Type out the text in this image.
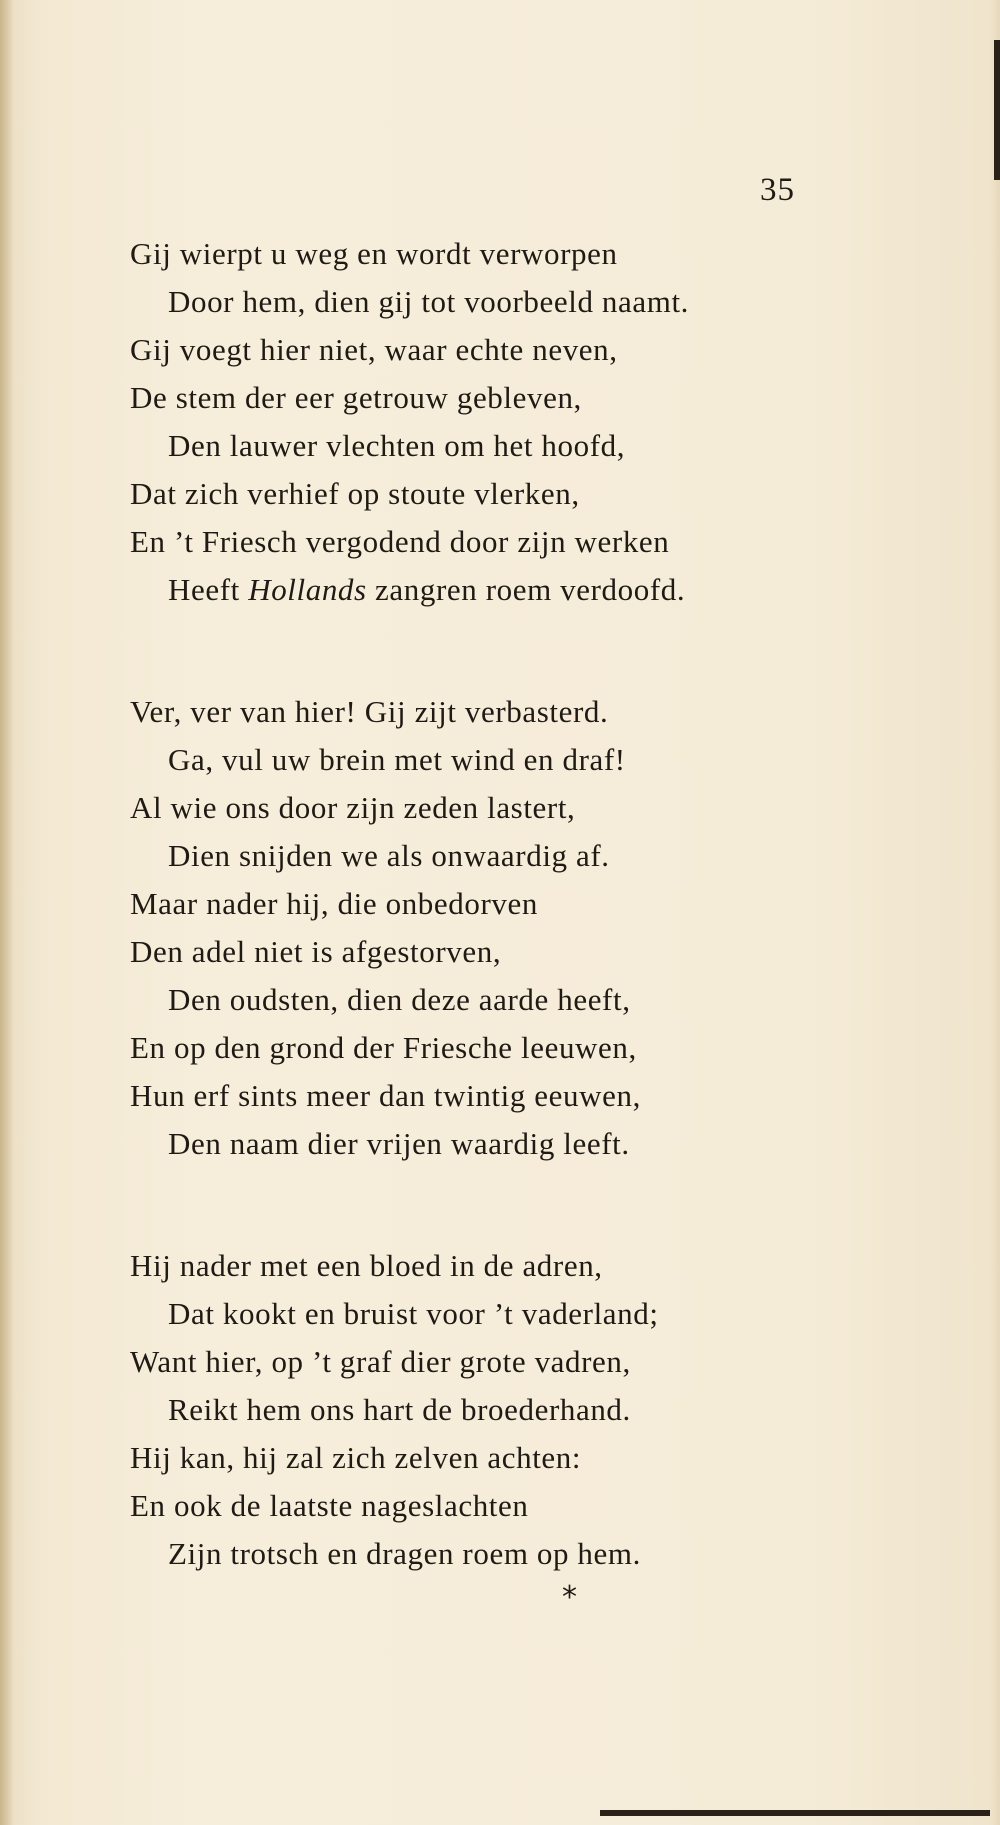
35
Gij wierpt u weg en wordt verworpen
Door hem, dien gij tot voorbeeld naamt.
Gij voegt hier niet, waar echte neven,
De stem der eer getrouw gebleven,
Den lauwer vlechten om het hoofd,
Dat zich verhief op stoute vlerken,
En ’t Friesch vergodend door zijn werken
Heeft Hollands zangren roem verdoofd.
Ver, ver van hier! Gij zijt verbasterd.
Ga, vul uw brein met wind en draf!
Al wie ons door zijn zeden lastert,
Dien snijden we als onwaardig af.
Maar nader hij, die onbedorven
Den adel niet is afgestorven,
Den oudsten, dien deze aarde heeft,
En op den grond der Friesche leeuwen,
Hun erf sints meer dan twintig eeuwen,
Den naam dier vrijen waardig leeft.
Hij nader met een bloed in de adren,
Dat kookt en bruist voor ’t vaderland;
Want hier, op ’t graf dier grote vadren,
Reikt hem ons hart de broederhand.
Hij kan, hij zal zich zelven achten:
En ook de laatste nageslachten
Zijn trotsch en dragen roem op hem.
*
